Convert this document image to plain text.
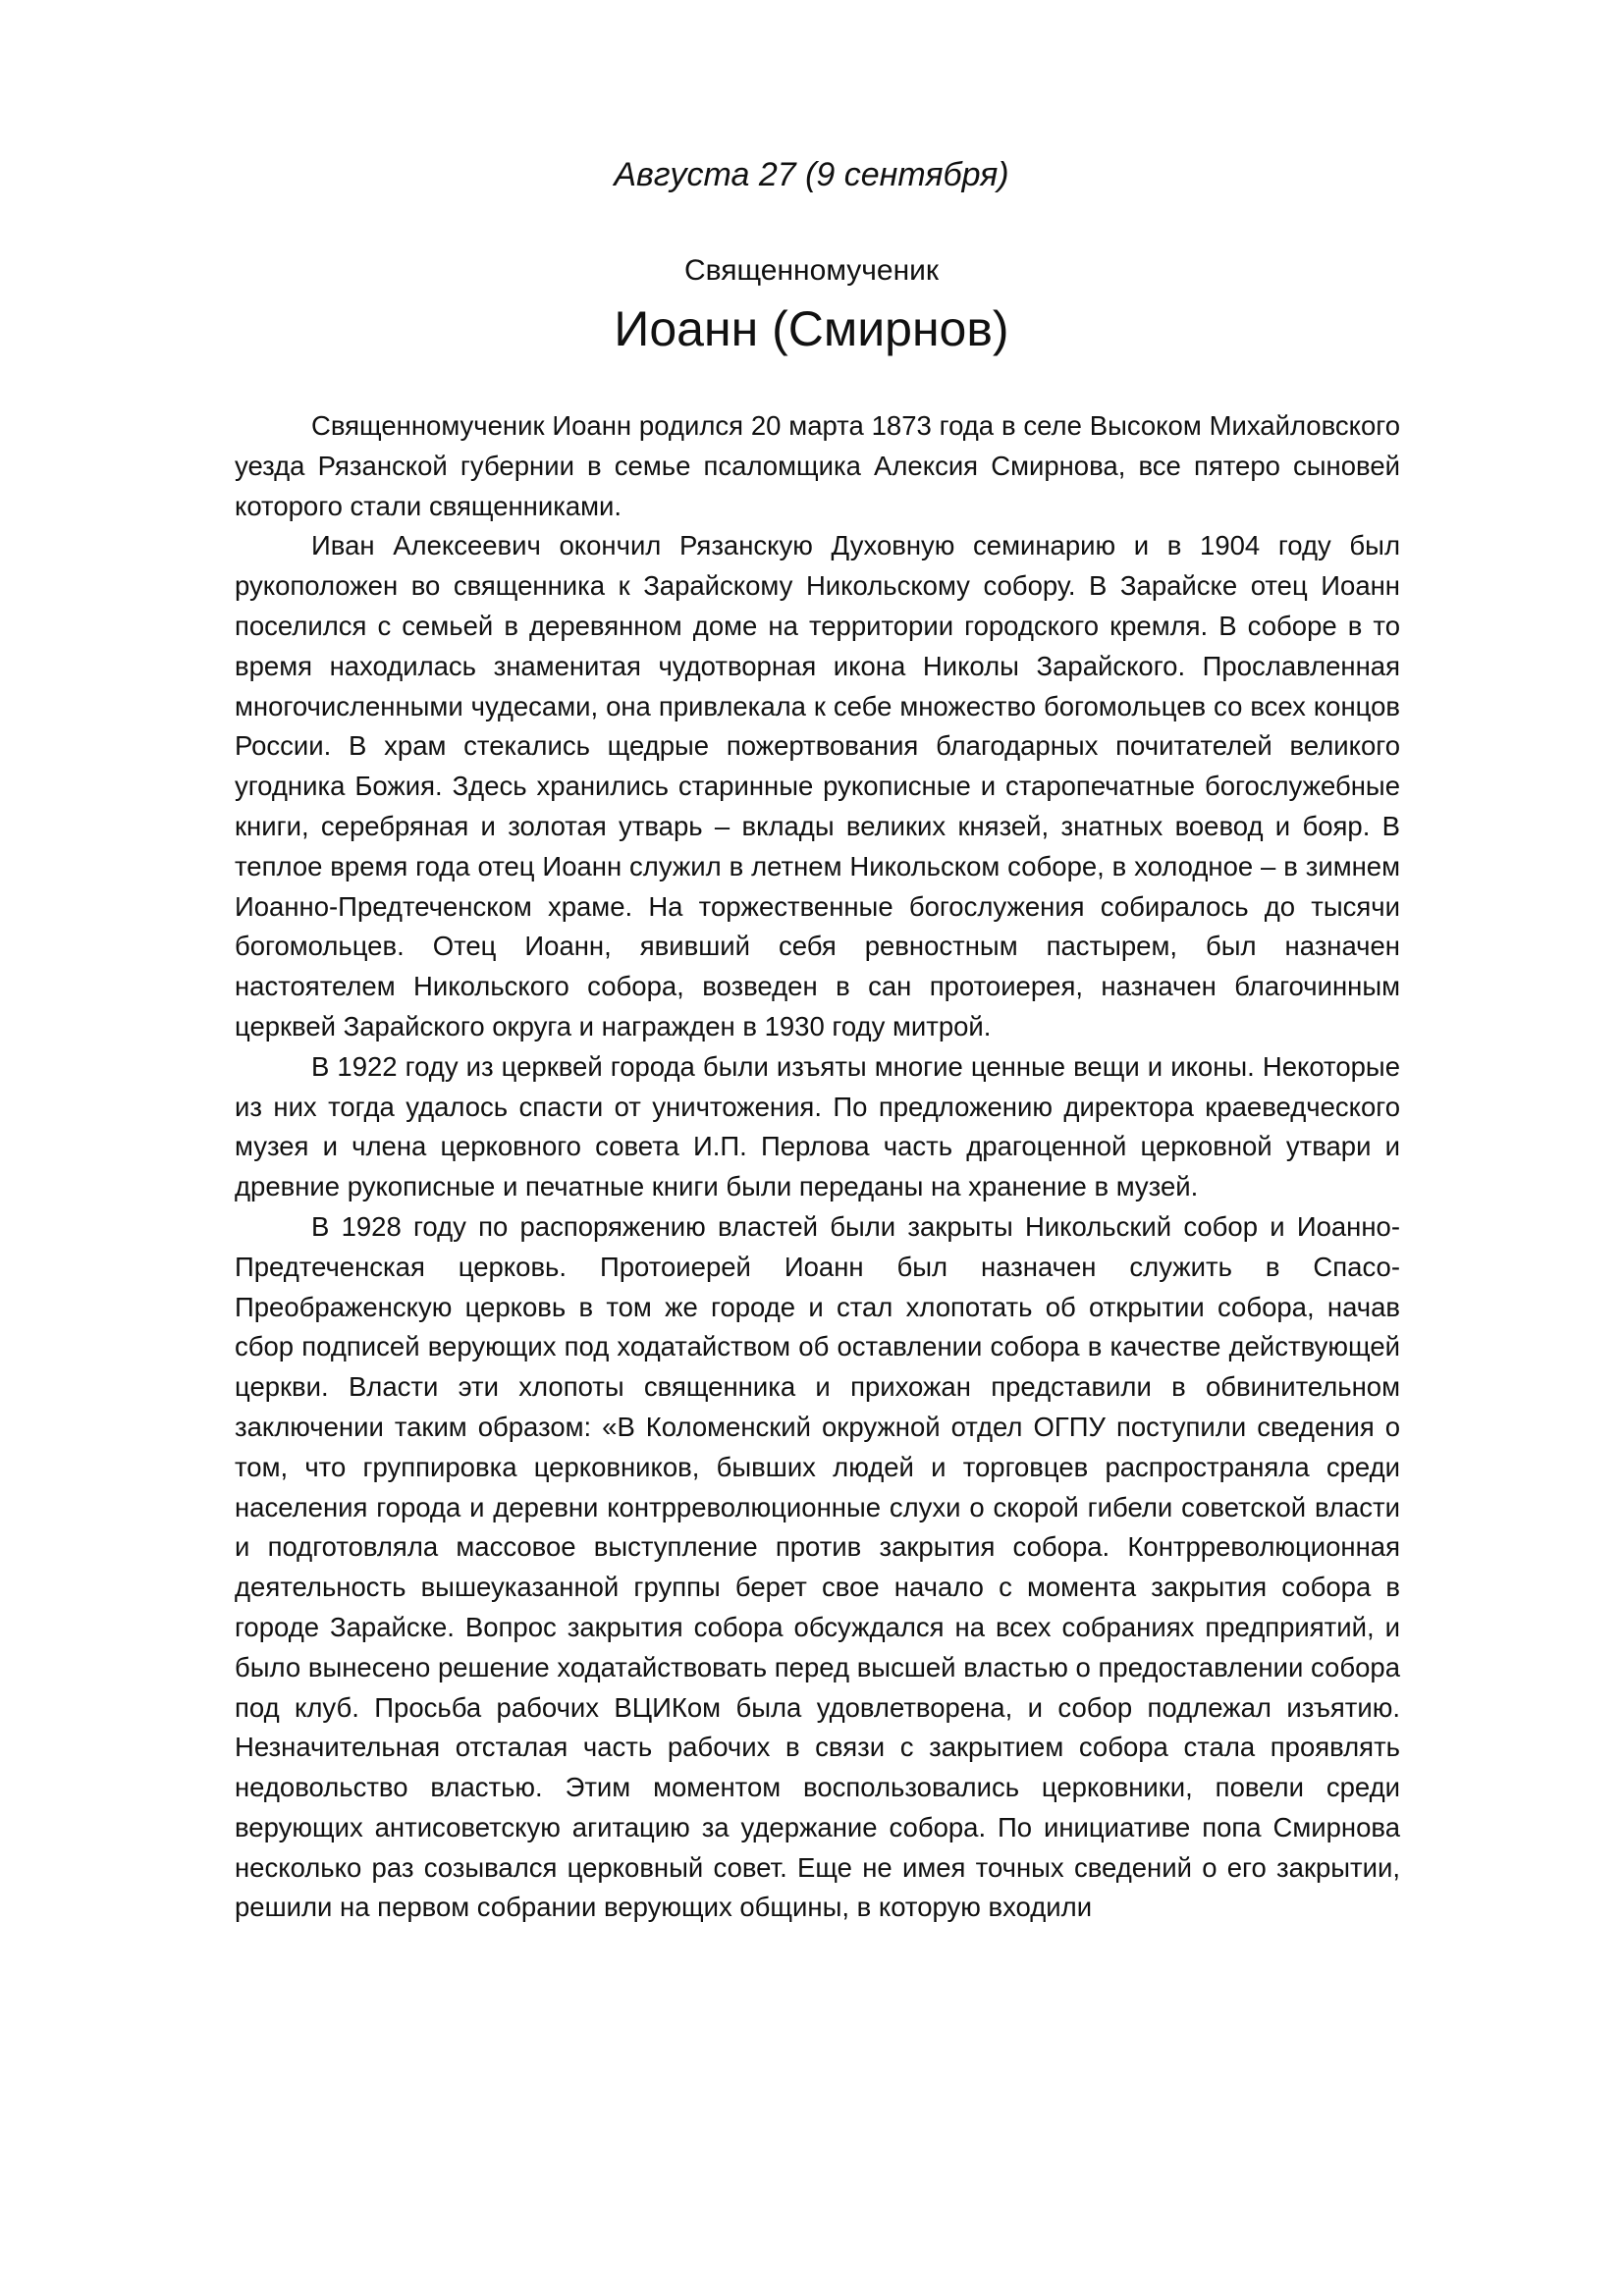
Августа 27 (9 сентября)
Священномученик
Иоанн (Смирнов)

Священномученик Иоанн родился 20 марта 1873 года в селе Высоком Михайловского уезда Рязанской губернии в семье псаломщика Алексия Смирнова, все пятеро сыновей которого стали священниками.

Иван Алексеевич окончил Рязанскую Духовную семинарию и в 1904 году был рукоположен во священника к Зарайскому Никольскому собору. В Зарайске отец Иоанн поселился с семьей в деревянном доме на территории городского кремля. В соборе в то время находилась знаменитая чудотворная икона Николы Зарайского. Прославленная многочисленными чудесами, она привлекала к себе множество богомольцев со всех концов России. В храм стекались щедрые пожертвования благодарных почитателей великого угодника Божия. Здесь хранились старинные рукописные и старопечатные богослужебные книги, серебряная и золотая утварь – вклады великих князей, знатных воевод и бояр. В теплое время года отец Иоанн служил в летнем Никольском соборе, в холодное – в зимнем Иоанно-Предтеченском храме. На торжественные богослужения собиралось до тысячи богомольцев. Отец Иоанн, явивший себя ревностным пастырем, был назначен настоятелем Никольского собора, возведен в сан протоиерея, назначен благочинным церквей Зарайского округа и награжден в 1930 году митрой.

В 1922 году из церквей города были изъяты многие ценные вещи и иконы. Некоторые из них тогда удалось спасти от уничтожения. По предложению директора краеведческого музея и члена церковного совета И.П. Перлова часть драгоценной церковной утвари и древние рукописные и печатные книги были переданы на хранение в музей.

В 1928 году по распоряжению властей были закрыты Никольский собор и Иоанно-Предтеченская церковь. Протоиерей Иоанн был назначен служить в Спасо-Преображенскую церковь в том же городе и стал хлопотать об открытии собора, начав сбор подписей верующих под ходатайством об оставлении собора в качестве действующей церкви. Власти эти хлопоты священника и прихожан представили в обвинительном заключении таким образом: «В Коломенский окружной отдел ОГПУ поступили сведения о том, что группировка церковников, бывших людей и торговцев распространяла среди населения города и деревни контрреволюционные слухи о скорой гибели советской власти и подготовляла массовое выступление против закрытия собора. Контрреволюционная деятельность вышеуказанной группы берет свое начало с момента закрытия собора в городе Зарайске. Вопрос закрытия собора обсуждался на всех собраниях предприятий, и было вынесено решение ходатайствовать перед высшей властью о предоставлении собора под клуб. Просьба рабочих ВЦИКом была удовлетворена, и собор подлежал изъятию. Незначительная отсталая часть рабочих в связи с закрытием собора стала проявлять недовольство властью. Этим моментом воспользовались церковники, повели среди верующих антисоветскую агитацию за удержание собора. По инициативе попа Смирнова несколько раз созывался церковный совет. Еще не имея точных сведений о его закрытии, решили на первом собрании верующих общины, в которую входили
